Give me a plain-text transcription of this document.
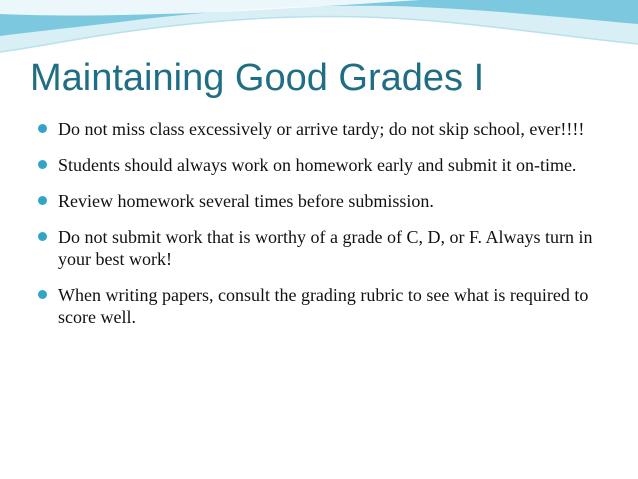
Maintaining Good Grades I
Do not miss class excessively or arrive tardy; do not skip school, ever!!!!
Students should always work on homework early and submit it on-time.
Review homework several times before submission.
Do not submit work that is worthy of a grade of C, D, or F. Always turn in your best work!
When writing papers, consult the grading rubric to see what is required to score well.
